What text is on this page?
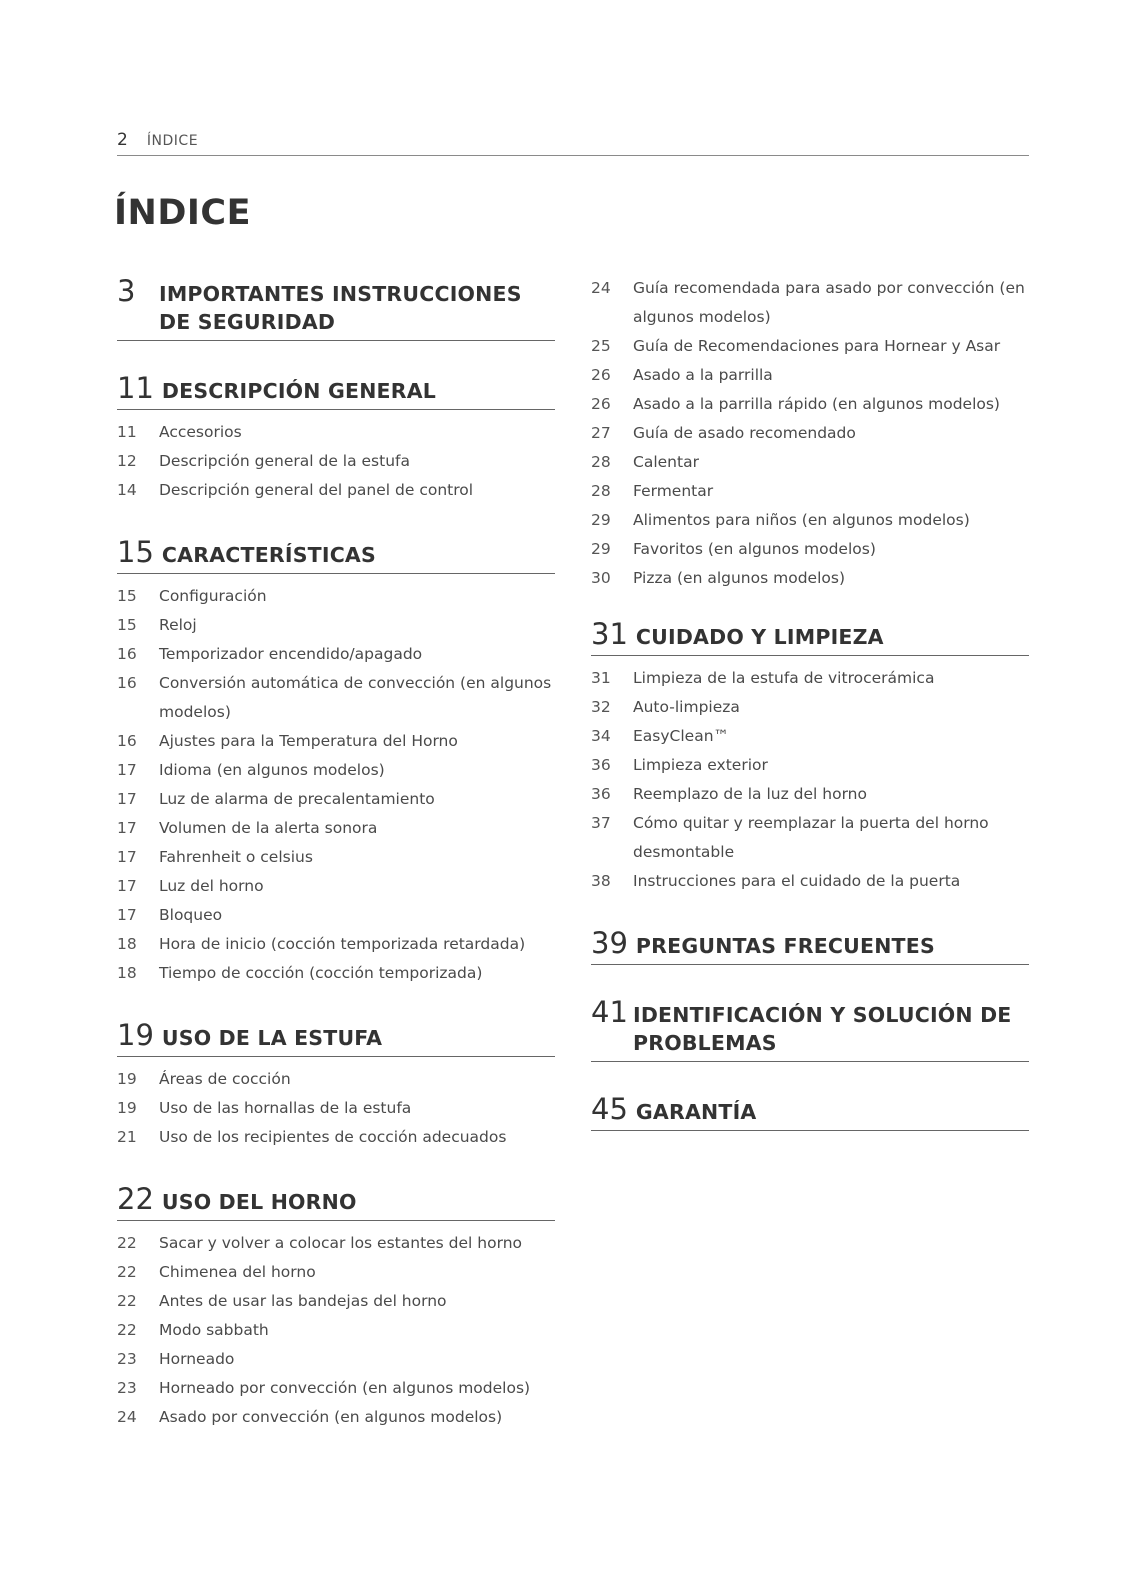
2 ÍNDICE
ÍNDICE
3	IMPORTANTES INSTRUCCIONES DE SEGURIDAD
11 DESCRIPCIÓN GENERAL
11	Accesorios
12	Descripción general de la estufa
14	Descripción general del panel de control
15 CARACTERÍSTICAS
15	Configuración
15	Reloj
16	Temporizador encendido/apagado
16	Conversión automática de convección (en algunos modelos)
16	Ajustes para la Temperatura del Horno
17	Idioma (en algunos modelos)
17	Luz de alarma de precalentamiento
17	Volumen de la alerta sonora
17	Fahrenheit o celsius
17	Luz del horno
17	Bloqueo
18	Hora de inicio (cocción temporizada retardada)
18	Tiempo de cocción (cocción temporizada)
19 USO DE LA ESTUFA
19	Áreas de cocción
19	Uso de las hornallas de la estufa
21	Uso de los recipientes de cocción adecuados
22 USO DEL HORNO
22	Sacar y volver a colocar los estantes del horno
22	Chimenea del horno
22	Antes de usar las bandejas del horno
22	Modo sabbath
23	Horneado
23	Horneado por convección (en algunos modelos)
24	Asado por convección (en algunos modelos)
24	Guía recomendada para asado por convección (en algunos modelos)
25	Guía de Recomendaciones para Hornear y Asar
26	Asado a la parrilla
26	Asado a la parrilla rápido (en algunos modelos)
27	Guía de asado recomendado
28	Calentar
28	Fermentar
29	Alimentos para niños (en algunos modelos)
29	Favoritos (en algunos modelos)
30	Pizza (en algunos modelos)
31 CUIDADO Y LIMPIEZA
31	Limpieza de la estufa de vitrocerámica
32	Auto-limpieza
34	EasyClean™
36	Limpieza exterior
36	Reemplazo de la luz del horno
37	Cómo quitar y reemplazar la puerta del horno desmontable
38	Instrucciones para el cuidado de la puerta
39 PREGUNTAS FRECUENTES
41 IDENTIFICACIÓN Y SOLUCIÓN DE PROBLEMAS
45 GARANTÍA
